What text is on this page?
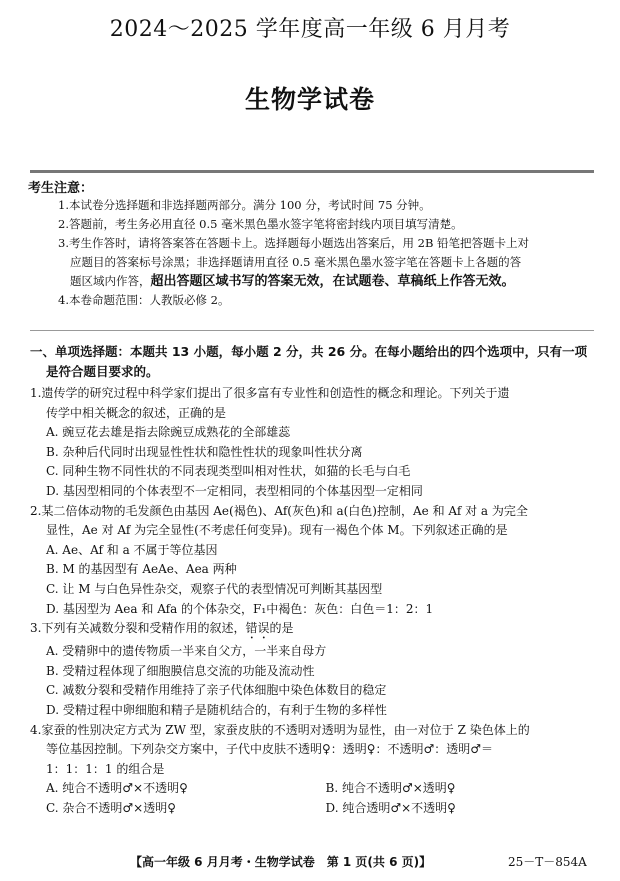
2024～2025 学年度高一年级 6 月月考
生物学试卷
考生注意：
1.本试卷分选择题和非选择题两部分。满分 100 分，考试时间 75 分钟。
2.答题前，考生务必用直径 0.5 毫米黑色墨水签字笔将密封线内项目填写清楚。
3.考生作答时，请将答案答在答题卡上。选择题每小题选出答案后，用 2B 铅笔把答题卡上对
应题目的答案标号涂黑；非选择题请用直径 0.5 毫米黑色墨水签字笔在答题卡上各题的答
题区域内作答，超出答题区域书写的答案无效，在试题卷、草稿纸上作答无效。
4.本卷命题范围：人教版必修 2。
一、单项选择题：本题共 13 小题，每小题 2 分，共 26 分。在每小题给出的四个选项中，只有一项
是符合题目要求的。
1.遗传学的研究过程中科学家们提出了很多富有专业性和创造性的概念和理论。下列关于遗
传学中相关概念的叙述，正确的是
A. 豌豆花去雄是指去除豌豆成熟花的全部雄蕊
B. 杂种后代同时出现显性性状和隐性性状的现象叫性状分离
C. 同种生物不同性状的不同表现类型叫相对性状，如猫的长毛与白毛
D. 基因型相同的个体表型不一定相同，表型相同的个体基因型一定相同
2.某二倍体动物的毛发颜色由基因 Ae(褐色)、Af(灰色)和 a(白色)控制，Ae 和 Af 对 a 为完全
显性，Ae 对 Af 为完全显性(不考虑任何变异)。现有一褐色个体 M。下列叙述正确的是
A. Ae、Af 和 a 不属于等位基因
B. M 的基因型有 AeAe、Aea 两种
C. 让 M 与白色异性杂交，观察子代的表型情况可判断其基因型
D. 基因型为 Aea 和 Afa 的个体杂交，F₁中褐色：灰色：白色＝1：2：1
3.下列有关减数分裂和受精作用的叙述，错误的是
A. 受精卵中的遗传物质一半来自父方，一半来自母方
B. 受精过程体现了细胞膜信息交流的功能及流动性
C. 减数分裂和受精作用维持了亲子代体细胞中染色体数目的稳定
D. 受精过程中卵细胞和精子是随机结合的，有利于生物的多样性
4.家蚕的性别决定方式为 ZW 型，家蚕皮肤的不透明对透明为显性，由一对位于 Z 染色体上的
等位基因控制。下列杂交方案中，子代中皮肤不透明♀：透明♀：不透明♂：透明♂＝
1：1：1：1 的组合是
A. 纯合不透明♂×不透明♀	B. 纯合不透明♂×透明♀
C. 杂合不透明♂×透明♀	D. 纯合透明♂×不透明♀
【高一年级 6 月月考・生物学试卷　第 1 页(共 6 页)】	25－T－854A
